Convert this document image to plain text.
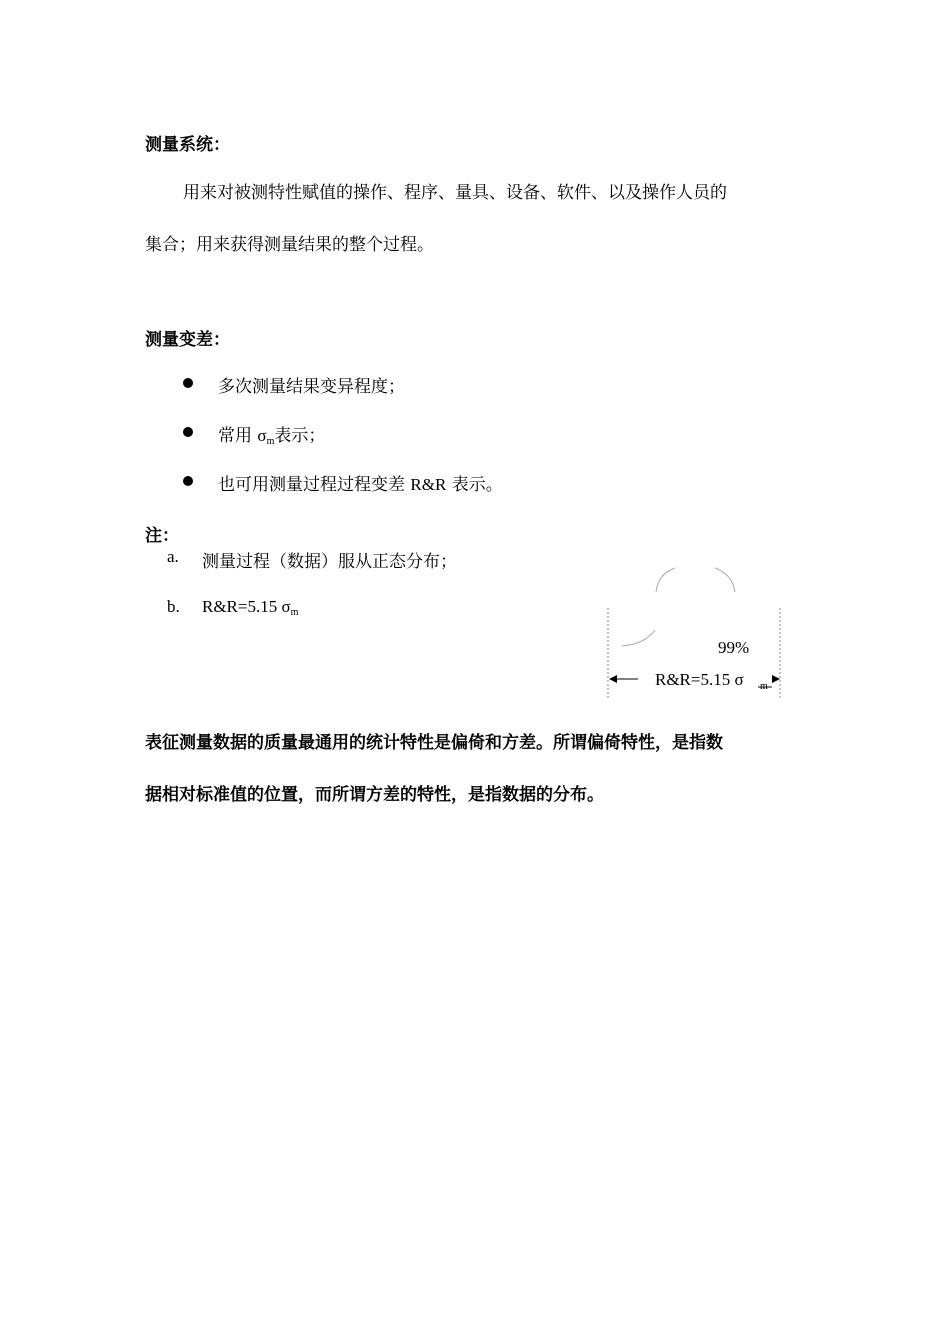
测量系统：
用来对被测特性赋值的操作、程序、量具、设备、软件、以及操作人员的
集合；用来获得测量结果的整个过程。
测量变差：
多次测量结果变异程度；
常用 $\sigma_m$表示；
也可用测量过程过程变差 R&R 表示。
注：
a. 测量过程（数据）服从正态分布；
b. R&R=5.15 $\sigma_m$
99%
R&R=5.15 σ m
表征测量数据的质量最通用的统计特性是偏倚和方差。所谓偏倚特性，是指数
据相对标准值的位置，而所谓方差的特性，是指数据的分布。
